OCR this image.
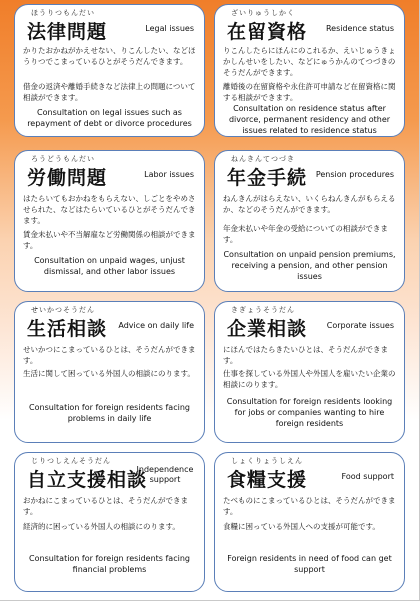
ほうりつもんだい
法律問題	Legal issues
かりたおかねがかえせない、りこんしたい、などほうりつでこまっているひとがそうだんできます。
借金の返済や離婚手続きなど法律上の問題について相談ができます。
Consultation on legal issues such as repayment of debt or divorce procedures
ざいりゅうしかく
在留資格 Residence status
りこんしたらにほんにのこれるか、えいじゅうきょかしんせいをしたい、などにゅうかんのてつづきのそうだんができます。
離婚後の在留資格や永住許可申請など在留資格に関する相談ができます。
Consultation on residence status after divorce, permanent residency and other issues related to residence status
ろうどうもんだい
労働問題	Labor issues
はたらいてもおかねをもらえない、しごとをやめさせられた、などはたらいているひとがそうだんできます。
賃金未払いや不当解雇など労働関係の相談ができます。
Consultation on unpaid wages, unjust dismissal, and other labor issues
ねんきんてつづき
年金手続 Pension procedures
ねんきんがはらえない、いくらねんきんがもらえるか、などのそうだんができます。
年金未払いや年金の受給についての相談ができます。
Consultation on unpaid pension premiums, receiving a pension, and other pension issues
せいかつそうだん
生活相談 Advice on daily life
せいかつにこまっているひとは、そうだんができます。
生活に関して困っている外国人の相談にのります。
Consultation for foreign residents facing problems in daily life
きぎょうそうだん
企業相談 Corporate issues
にほんではたらきたいひとは、そうだんができます。
仕事を探している外国人や外国人を雇いたい企業の相談にのります。
Consultation for foreign residents looking for jobs or companies wanting to hire foreign residents
じりつしえんそうだん
自立支援相談
Independence support
おかねにこまっているひとは、そうだんができます。
経済的に困っている外国人の相談にのります。
Consultation for foreign residents facing financial problems
しょくりょうしえん
食糧支援	Food support
たべものにこまっているひとは、そうだんができます。
食糧に困っている外国人への支援が可能です。
Foreign residents in need of food can get support
